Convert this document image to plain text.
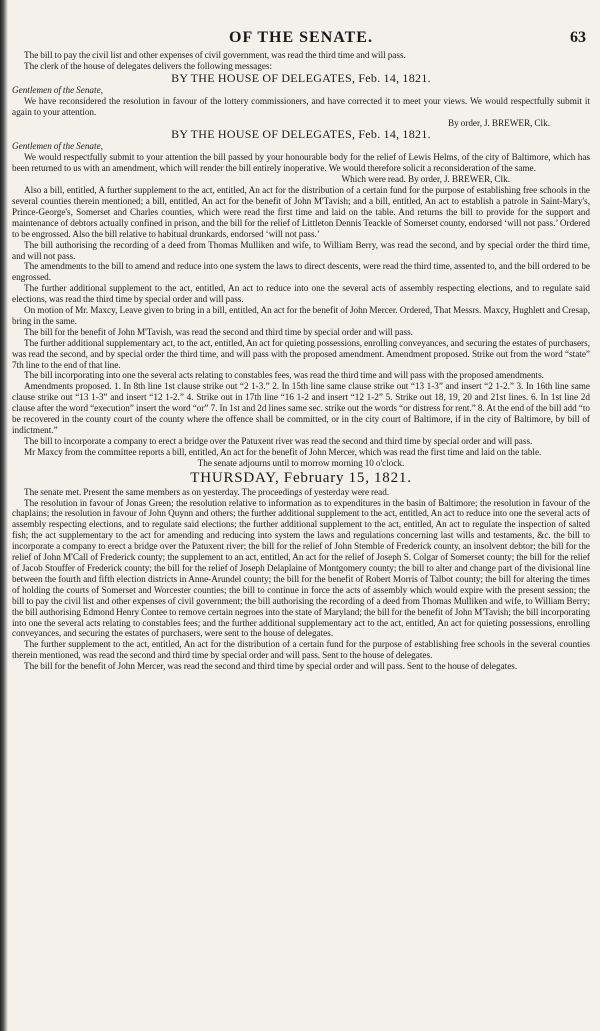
OF THE SENATE.	63

The bill to pay the civil list and other expenses of civil government, was read the third time and will pass.

The clerk of the house of delegates delivers the following messages:

BY THE HOUSE OF DELEGATES, Feb. 14, 1821.

Gentlemen of the Senate,

We have reconsidered the resolution in favour of the lottery commissioners, and have corrected it to meet your views. We would respectfully submit it again to your attention.

By order, J. BREWER, Clk.

BY THE HOUSE OF DELEGATES, Feb. 14, 1821.

Gentlemen of the Senate,

We would respectfully submit to your attention the bill passed by your honourable body for the relief of Lewis Helms, of the city of Baltimore, which has been returned to us with an amendment, which will render the bill entirely inoperative. We would therefore solicit a reconsideration of the same.

Which were read. By order, J. BREWER, Clk.

Also a bill, entitled, A further supplement to the act, entitled, An act for the distribution of a certain fund for the purpose of establishing free schools in the several counties therein mentioned; a bill, entitled, An act for the benefit of John M'Tavish; and a bill, entitled, An act to establish a patrole in Saint-Mary's, Prince-George's, Somerset and Charles counties, which were read the first time and laid on the table. And returns the bill to provide for the support and maintenance of debtors actually confined in prison, and the bill for the relief of Littleton Dennis Teackle of Somerset county, endorsed ‘will not pass.’ Ordered to be engrossed. Also the bill relative to habitual drunkards, endorsed ‘will not pass.’

The bill authorising the recording of a deed from Thomas Mulliken and wife, to William Berry, was read the second, and by special order the third time, and will not pass.

The amendments to the bill to amend and reduce into one system the laws to direct descents, were read the third time, assented to, and the bill ordered to be engrossed.

The further additional supplement to the act, entitled, An act to reduce into one the several acts of assembly respecting elections, and to regulate said elections, was read the third time by special order and will pass.

On motion of Mr. Maxcy, Leave given to bring in a bill, entitled, An act for the benefit of John Mercer. Ordered, That Messrs. Maxcy, Hughlett and Cresap, bring in the same.

The bill for the benefit of John M'Tavish, was read the second and third time by special order and will pass.

The further additional supplementary act, to the act, entitled, An act for quieting possessions, enrolling conveyances, and securing the estates of purchasers, was read the second, and by special order the third time, and will pass with the proposed amendment. Amendment proposed. Strike out from the word “state” 7th line to the end of that line.

The bill incorporating into one the several acts relating to constables fees, was read the third time and will pass with the proposed amendments.

Amendments proposed. 1. In 8th line 1st clause strike out “2 1-3.” 2. In 15th line same clause strike out “13 1-3” and insert “2 1-2.” 3. In 16th line same clause strike out “13 1-3” and insert “12 1-2.” 4. Strike out in 17th line “16 1-2 and insert “12 1-2” 5. Strike out 18, 19, 20 and 21st lines. 6. In 1st line 2d clause after the word “execution” insert the word “or” 7. In 1st and 2d lines same sec. strike out the words “or distress for rent.” 8. At the end of the bill add “to be recovered in the county court of the county where the offence shall be committed, or in the city court of Baltimore, if in the city of Baltimore, by bill of indictment.”

The bill to incorporate a company to erect a bridge over the Patuxent river was read the second and third time by special order and will pass.

Mr Maxcy from the committee reports a bill, entitled, An act for the benefit of John Mercer, which was read the first time and laid on the table.

The senate adjourns until to morrow morning 10 o'clock.

THURSDAY, February 15, 1821.

The senate met. Present the same members as on yesterday. The proceedings of yesterday were read.

The resolution in favour of Jonas Green; the resolution relative to information as to expenditures in the basin of Baltimore; the resolution in favour of the chaplains; the resolution in favour of John Quynn and others; the further additional supplement to the act, entitled, An act to reduce into one the several acts of assembly respecting elections, and to regulate said elections; the further additional supplement to the act, entitled, An act to regulate the inspection of salted fish; the act supplementary to the act for amending and reducing into system the laws and regulations concerning last wills and testaments, &c. the bill to incorporate a company to erect a bridge over the Patuxent river; the bill for the relief of John Stemble of Frederick county, an insolvent debtor; the bill for the relief of John M'Call of Frederick county; the supplement to an act, entitled, An act for the relief of Joseph S. Colgar of Somerset county; the bill for the relief of Jacob Stouffer of Frederick county; the bill for the relief of Joseph Delaplaine of Montgomery county; the bill to alter and change part of the divisional line between the fourth and fifth election districts in Anne-Arundel county; the bill for the benefit of Robert Morris of Talbot county; the bill for altering the times of holding the courts of Somerset and Worcester counties; the bill to continue in force the acts of assembly which would expire with the present session; the bill to pay the civil list and other expenses of civil government; the bill authorising the recording of a deed from Thomas Mulliken and wife, to William Berry; the bill authorising Edmond Henry Contee to remove certain negroes into the state of Maryland; the bill for the benefit of John M'Tavish; the bill incorporating into one the several acts relating to constables fees; and the further additional supplementary act to the act, entitled, An act for quieting possessions, enrolling conveyances, and securing the estates of purchasers, were sent to the house of delegates.

The further supplement to the act, entitled, An act for the distribution of a certain fund for the purpose of establishing free schools in the several counties therein mentioned, was read the second and third time by special order and will pass. Sent to the house of delegates.

The bill for the benefit of John Mercer, was read the second and third time by special order and will pass. Sent to the house of delegates.
